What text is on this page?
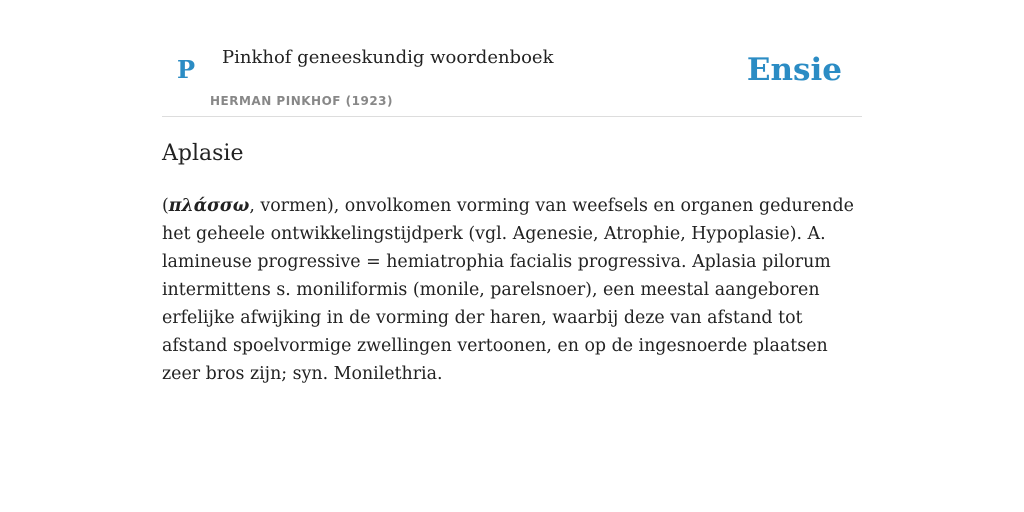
P Pinkhof geneeskundig woordenboek
HERMAN PINKHOF (1923)
Ensie
Aplasie

(πλάσσω, vormen), onvolkomen vorming van weefsels en organen gedurende het geheele ontwikkelingstijdperk (vgl. Agenesie, Atrophie, Hypoplasie). A. lamineuse progressive = hemiatrophia facialis progressiva. Aplasia pilorum intermittens s. moniliformis (monile, parelsnoer), een meestal aangeboren erfelijke afwijking in de vorming der haren, waarbij deze van afstand tot afstand spoelvormige zwellingen vertoonen, en op de ingesnoerde plaatsen zeer bros zijn; syn. Monilethria.
